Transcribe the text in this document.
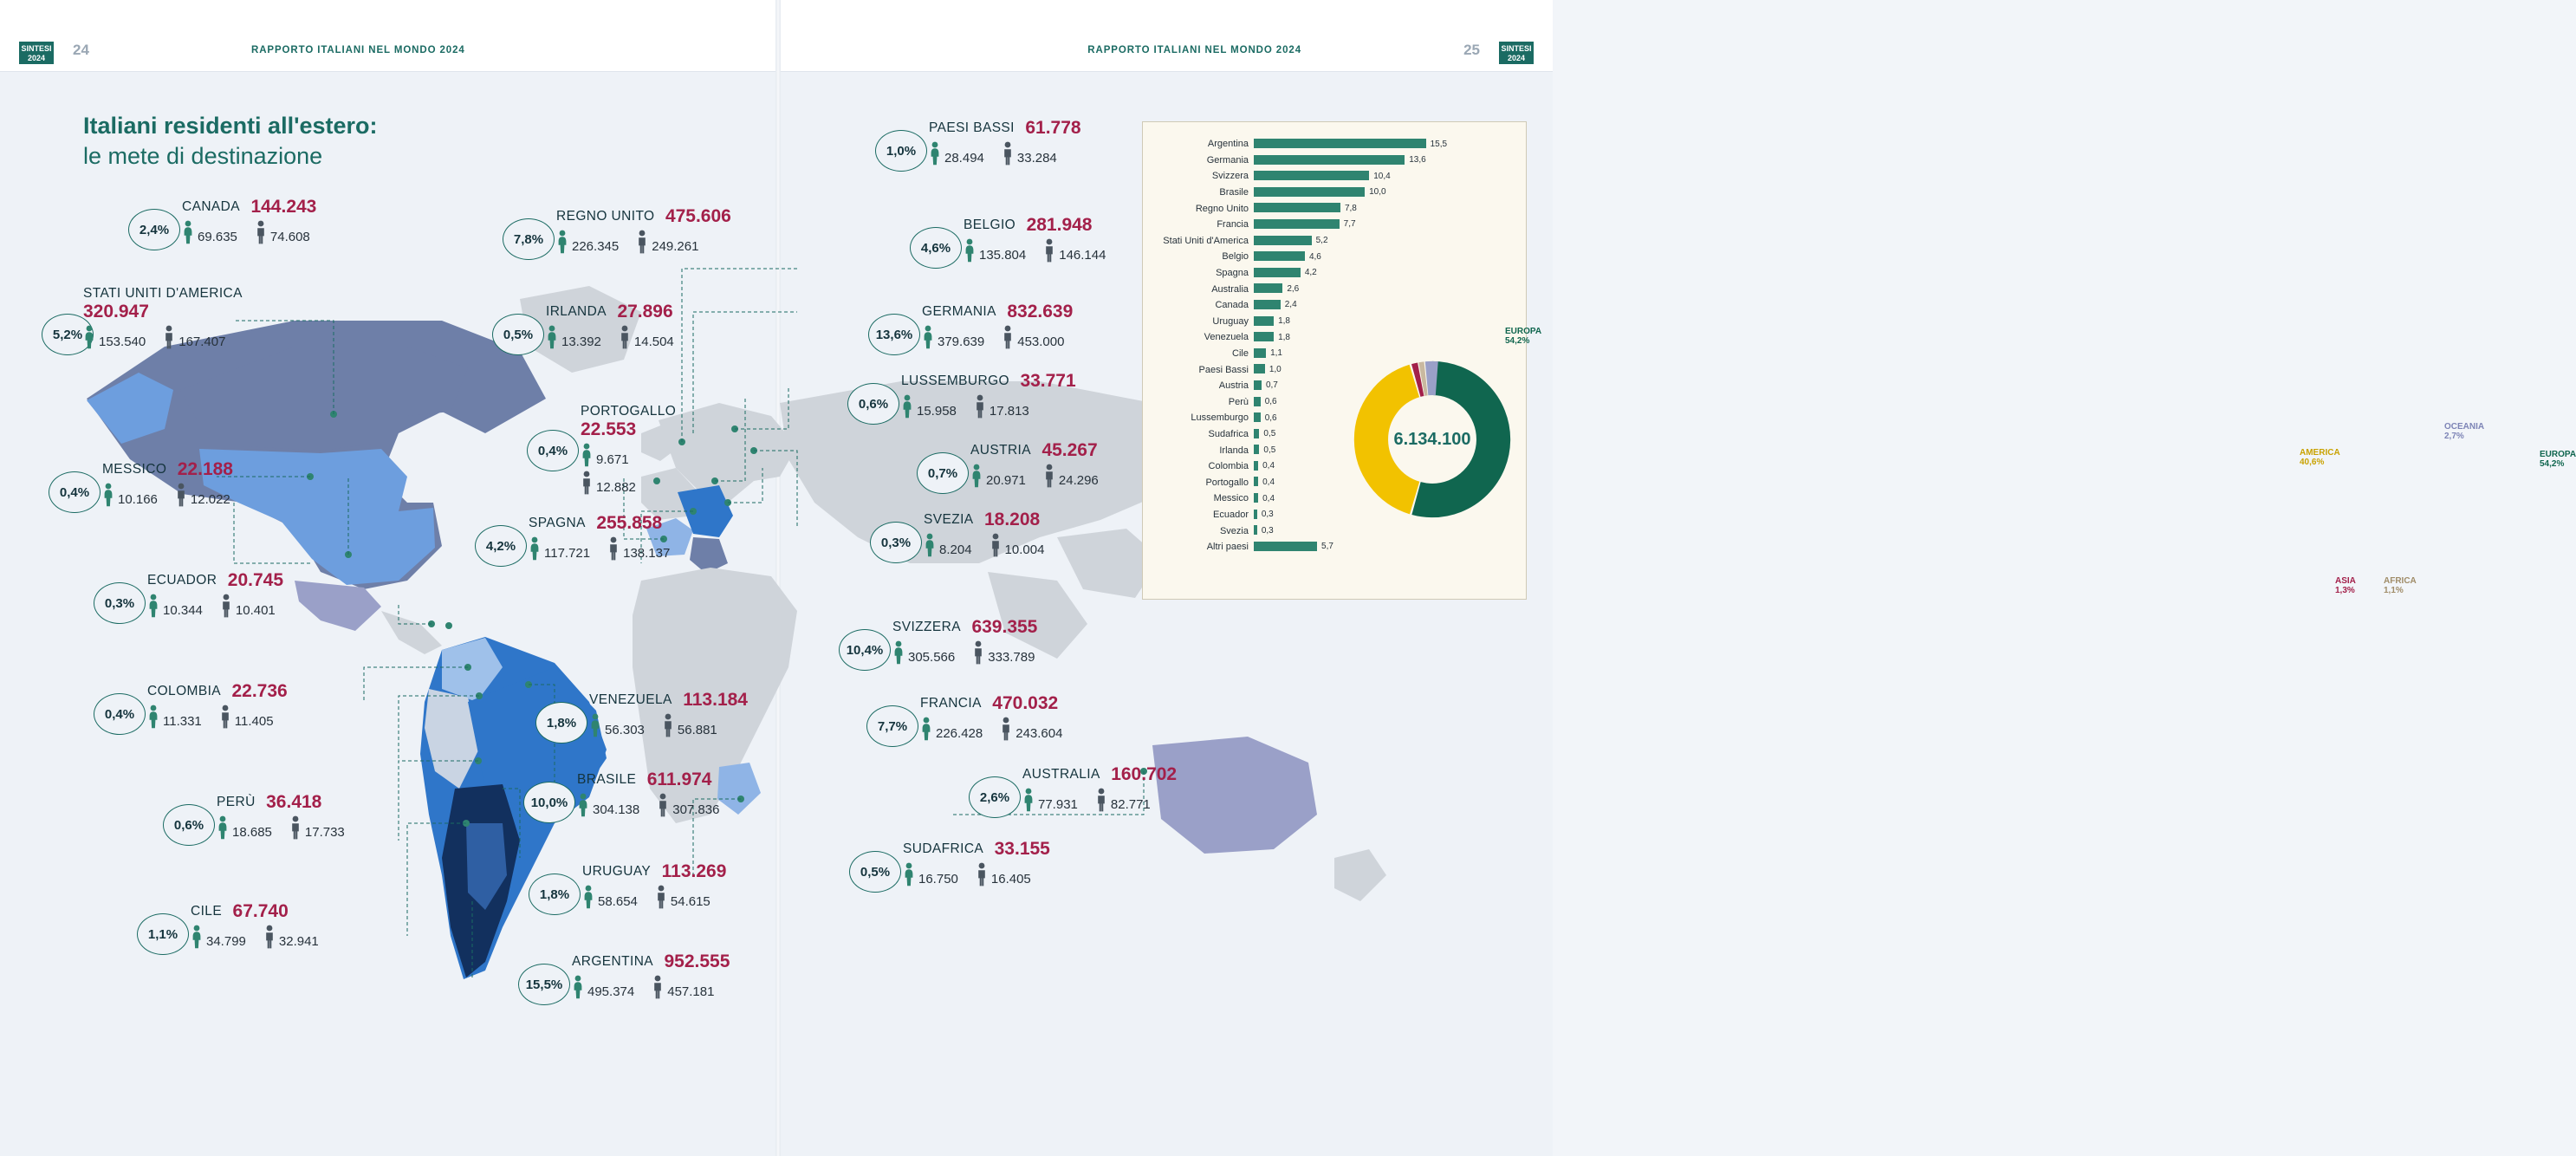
SINTESI
2024
SINTESI
2024
24	25
RAPPORTO ITALIANI NEL MONDO 2024	RAPPORTO ITALIANI NEL MONDO 2024
Italiani residenti all'estero:
le mete di destinazione
2,4%
CANADA 144.243
69.635	74.608
5,2%
STATI UNITI D'AMERICA
320.947
153.540	167.407
0,4%
MESSICO 22.188
10.166	12.022
0,3%
ECUADOR 20.745
10.344	10.401
0,4%
COLOMBIA 22.736
11.331	11.405
0,6%
PERÙ 36.418
18.685	17.733
1,1%
CILE 67.740
34.799	32.941
15,5%
ARGENTINA 952.555
495.374	457.181
1,8%
URUGUAY 113.269
58.654	54.615
10,0%
BRASILE 611.974
304.138	307.836
1,8%
VENEZUELA 113.184
56.303	56.881
7,8%
REGNO UNITO 475.606
226.345	249.261
0,5%
IRLANDA 27.896
13.392	14.504
0,4%
PORTOGALLO
22.553
9.671
12.882
4,2%
SPAGNA 255.858
117.721	138.137
1,0%
PAESI BASSI 61.778
28.494	33.284
4,6%
BELGIO 281.948
135.804	146.144
13,6%
GERMANIA 832.639
379.639	453.000
0,6%
LUSSEMBURGO 33.771
15.958	17.813
0,7%
AUSTRIA 45.267
20.971	24.296
0,3%
SVEZIA 18.208
8.204	10.004
10,4%
SVIZZERA 639.355
305.566	333.789
7,7%
FRANCIA 470.032
226.428	243.604
0,5%
SUDAFRICA 33.155
16.750	16.405
2,6%
AUSTRALIA 160.702
77.931	82.771
Argentina	15,5
Germania	13,6
Svizzera	10,4
Brasile	10,0
Regno Unito	7,8
Francia	7,7
Stati Uniti d'America	5,2
Belgio	4,6
Spagna	4,2
Australia	2,6
Canada	2,4
Uruguay	1,8
Venezuela	1,8
Cile	1,1
Paesi Bassi	1,0
Austria	0,7
Perù	0,6
Lussemburgo	0,6
Sudafrica	0,5
Irlanda	0,5
Colombia	0,4
Portogallo	0,4
Messico	0,4
Ecuador	0,3
Svezia	0,3
Altri paesi	5,7
6.134.100
EUROPA
54,2%
AMERICA
40,6%
EUROPA
54,2%
OCEANIA
2,7%
ASIA
1,3%
AFRICA
1,1%
